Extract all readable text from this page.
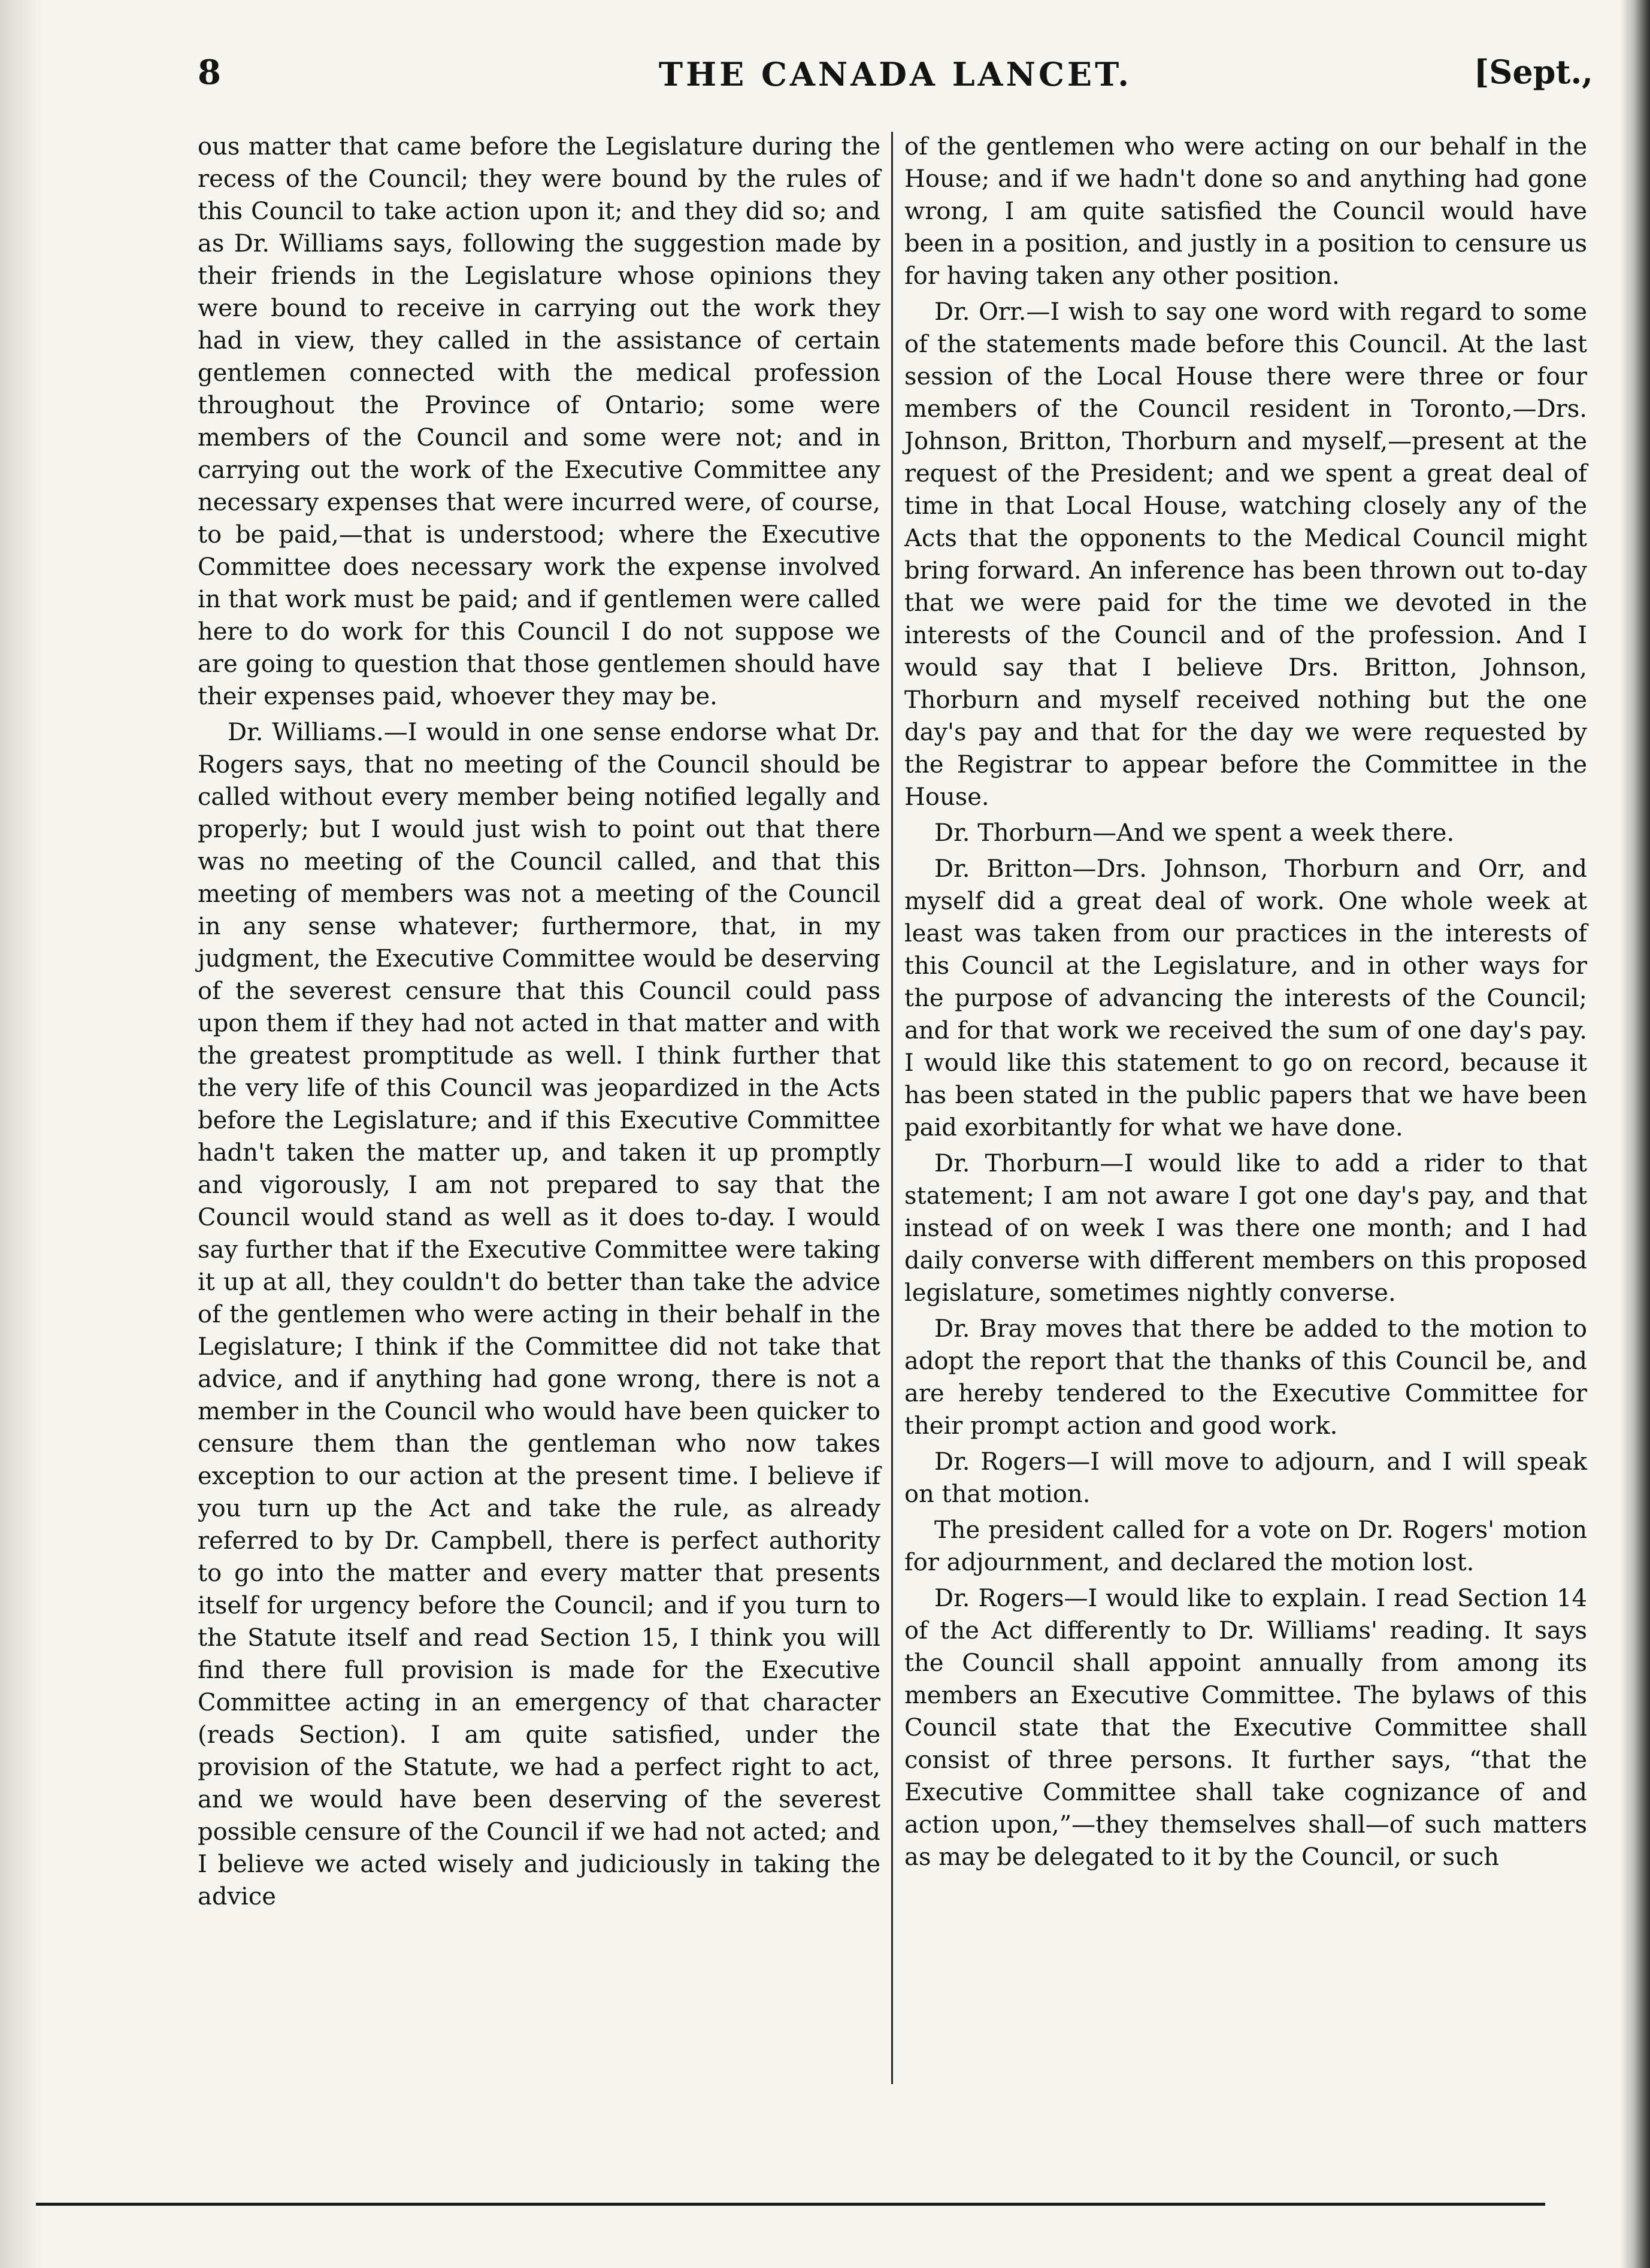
8	THE CANADA LANCET.	[Sept.,

ous matter that came before the Legislature during the recess of the Council; they were bound by the rules of this Council to take action upon it; and they did so; and as Dr. Williams says, following the suggestion made by their friends in the Legislature whose opinions they were bound to receive in carrying out the work they had in view, they called in the assistance of certain gentlemen connected with the medical profession throughout the Province of Ontario; some were members of the Council and some were not; and in carrying out the work of the Executive Committee any necessary expenses that were incurred were, of course, to be paid,—that is understood; where the Executive Committee does necessary work the expense involved in that work must be paid; and if gentlemen were called here to do work for this Council I do not suppose we are going to question that those gentlemen should have their expenses paid, whoever they may be.

Dr. Williams.—I would in one sense endorse what Dr. Rogers says, that no meeting of the Council should be called without every member being notified legally and properly; but I would just wish to point out that there was no meeting of the Council called, and that this meeting of members was not a meeting of the Council in any sense whatever; furthermore, that, in my judgment, the Executive Committee would be deserving of the severest censure that this Council could pass upon them if they had not acted in that matter and with the greatest promptitude as well. I think further that the very life of this Council was jeopardized in the Acts before the Legislature; and if this Executive Committee hadn't taken the matter up, and taken it up promptly and vigorously, I am not prepared to say that the Council would stand as well as it does to-day. I would say further that if the Executive Committee were taking it up at all, they couldn't do better than take the advice of the gentlemen who were acting in their behalf in the Legislature; I think if the Committee did not take that advice, and if anything had gone wrong, there is not a member in the Council who would have been quicker to censure them than the gentleman who now takes exception to our action at the present time. I believe if you turn up the Act and take the rule, as already referred to by Dr. Campbell, there is perfect authority to go into the matter and every matter that presents itself for urgency before the Council; and if you turn to the Statute itself and read Section 15, I think you will find there full provision is made for the Executive Committee acting in an emergency of that character (reads Section). I am quite satisfied, under the provision of the Statute, we had a perfect right to act, and we would have been deserving of the severest possible censure of the Council if we had not acted; and I believe we acted wisely and judiciously in taking the advice

of the gentlemen who were acting on our behalf in the House; and if we hadn't done so and anything had gone wrong, I am quite satisfied the Council would have been in a position, and justly in a position to censure us for having taken any other position.

Dr. Orr.—I wish to say one word with regard to some of the statements made before this Council. At the last session of the Local House there were three or four members of the Council resident in Toronto,—Drs. Johnson, Britton, Thorburn and myself,—present at the request of the President; and we spent a great deal of time in that Local House, watching closely any of the Acts that the opponents to the Medical Council might bring forward. An inference has been thrown out to-day that we were paid for the time we devoted in the interests of the Council and of the profession. And I would say that I believe Drs. Britton, Johnson, Thorburn and myself received nothing but the one day's pay and that for the day we were requested by the Registrar to appear before the Committee in the House.

Dr. Thorburn—And we spent a week there.

Dr. Britton—Drs. Johnson, Thorburn and Orr, and myself did a great deal of work. One whole week at least was taken from our practices in the interests of this Council at the Legislature, and in other ways for the purpose of advancing the interests of the Council; and for that work we received the sum of one day's pay. I would like this statement to go on record, because it has been stated in the public papers that we have been paid exorbitantly for what we have done.

Dr. Thorburn—I would like to add a rider to that statement; I am not aware I got one day's pay, and that instead of on week I was there one month; and I had daily converse with different members on this proposed legislature, sometimes nightly converse.

Dr. Bray moves that there be added to the motion to adopt the report that the thanks of this Council be, and are hereby tendered to the Executive Committee for their prompt action and good work.

Dr. Rogers—I will move to adjourn, and I will speak on that motion.

The president called for a vote on Dr. Rogers' motion for adjournment, and declared the motion lost.

Dr. Rogers—I would like to explain. I read Section 14 of the Act differently to Dr. Williams' reading. It says the Council shall appoint annually from among its members an Executive Committee. The bylaws of this Council state that the Executive Committee shall consist of three persons. It further says, “that the Executive Committee shall take cognizance of and action upon,”—they themselves shall—of such matters as may be delegated to it by the Council, or such
